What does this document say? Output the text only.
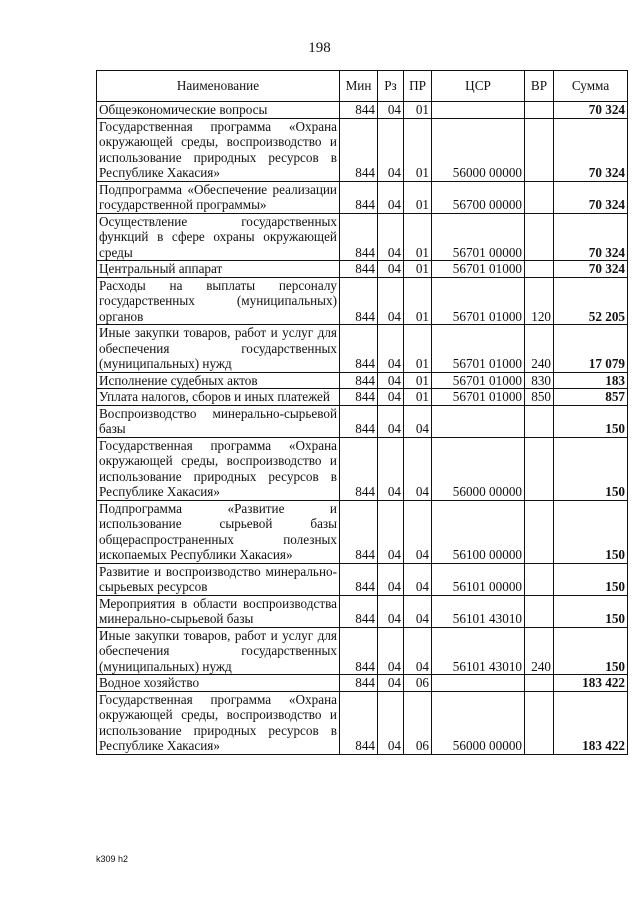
198
Наименование	Мин	Рз	ПР	ЦСР	ВР	Сумма
Общеэкономические вопросы	844	04	01			70 324
Государственная программа «Охрана окружающей среды, воспроизводство и использование природных ресурсов в Республике Хакасия»	844	04	01	56000 00000		70 324
Подпрограмма «Обеспечение реализации государственной программы»	844	04	01	56700 00000		70 324
Осуществление государственных функций в сфере охраны окружающей среды	844	04	01	56701 00000		70 324
Центральный аппарат	844	04	01	56701 01000		70 324
Расходы на выплаты персоналу государственных (муниципальных) органов	844	04	01	56701 01000	120	52 205
Иные закупки товаров, работ и услуг для обеспечения государственных (муниципальных) нужд	844	04	01	56701 01000	240	17 079
Исполнение судебных актов	844	04	01	56701 01000	830	183
Уплата налогов, сборов и иных платежей	844	04	01	56701 01000	850	857
Воспроизводство минерально-сырьевой базы	844	04	04			150
Государственная программа «Охрана окружающей среды, воспроизводство и использование природных ресурсов в Республике Хакасия»	844	04	04	56000 00000		150
Подпрограмма «Развитие и использование сырьевой базы общераспространенных полезных ископаемых Республики Хакасия»	844	04	04	56100 00000		150
Развитие и воспроизводство минерально-сырьевых ресурсов	844	04	04	56101 00000		150
Мероприятия в области воспроизводства минерально-сырьевой базы	844	04	04	56101 43010		150
Иные закупки товаров, работ и услуг для обеспечения государственных (муниципальных) нужд	844	04	04	56101 43010	240	150
Водное хозяйство	844	04	06			183 422
Государственная программа «Охрана окружающей среды, воспроизводство и использование природных ресурсов в Республике Хакасия»	844	04	06	56000 00000		183 422
k309 h2
